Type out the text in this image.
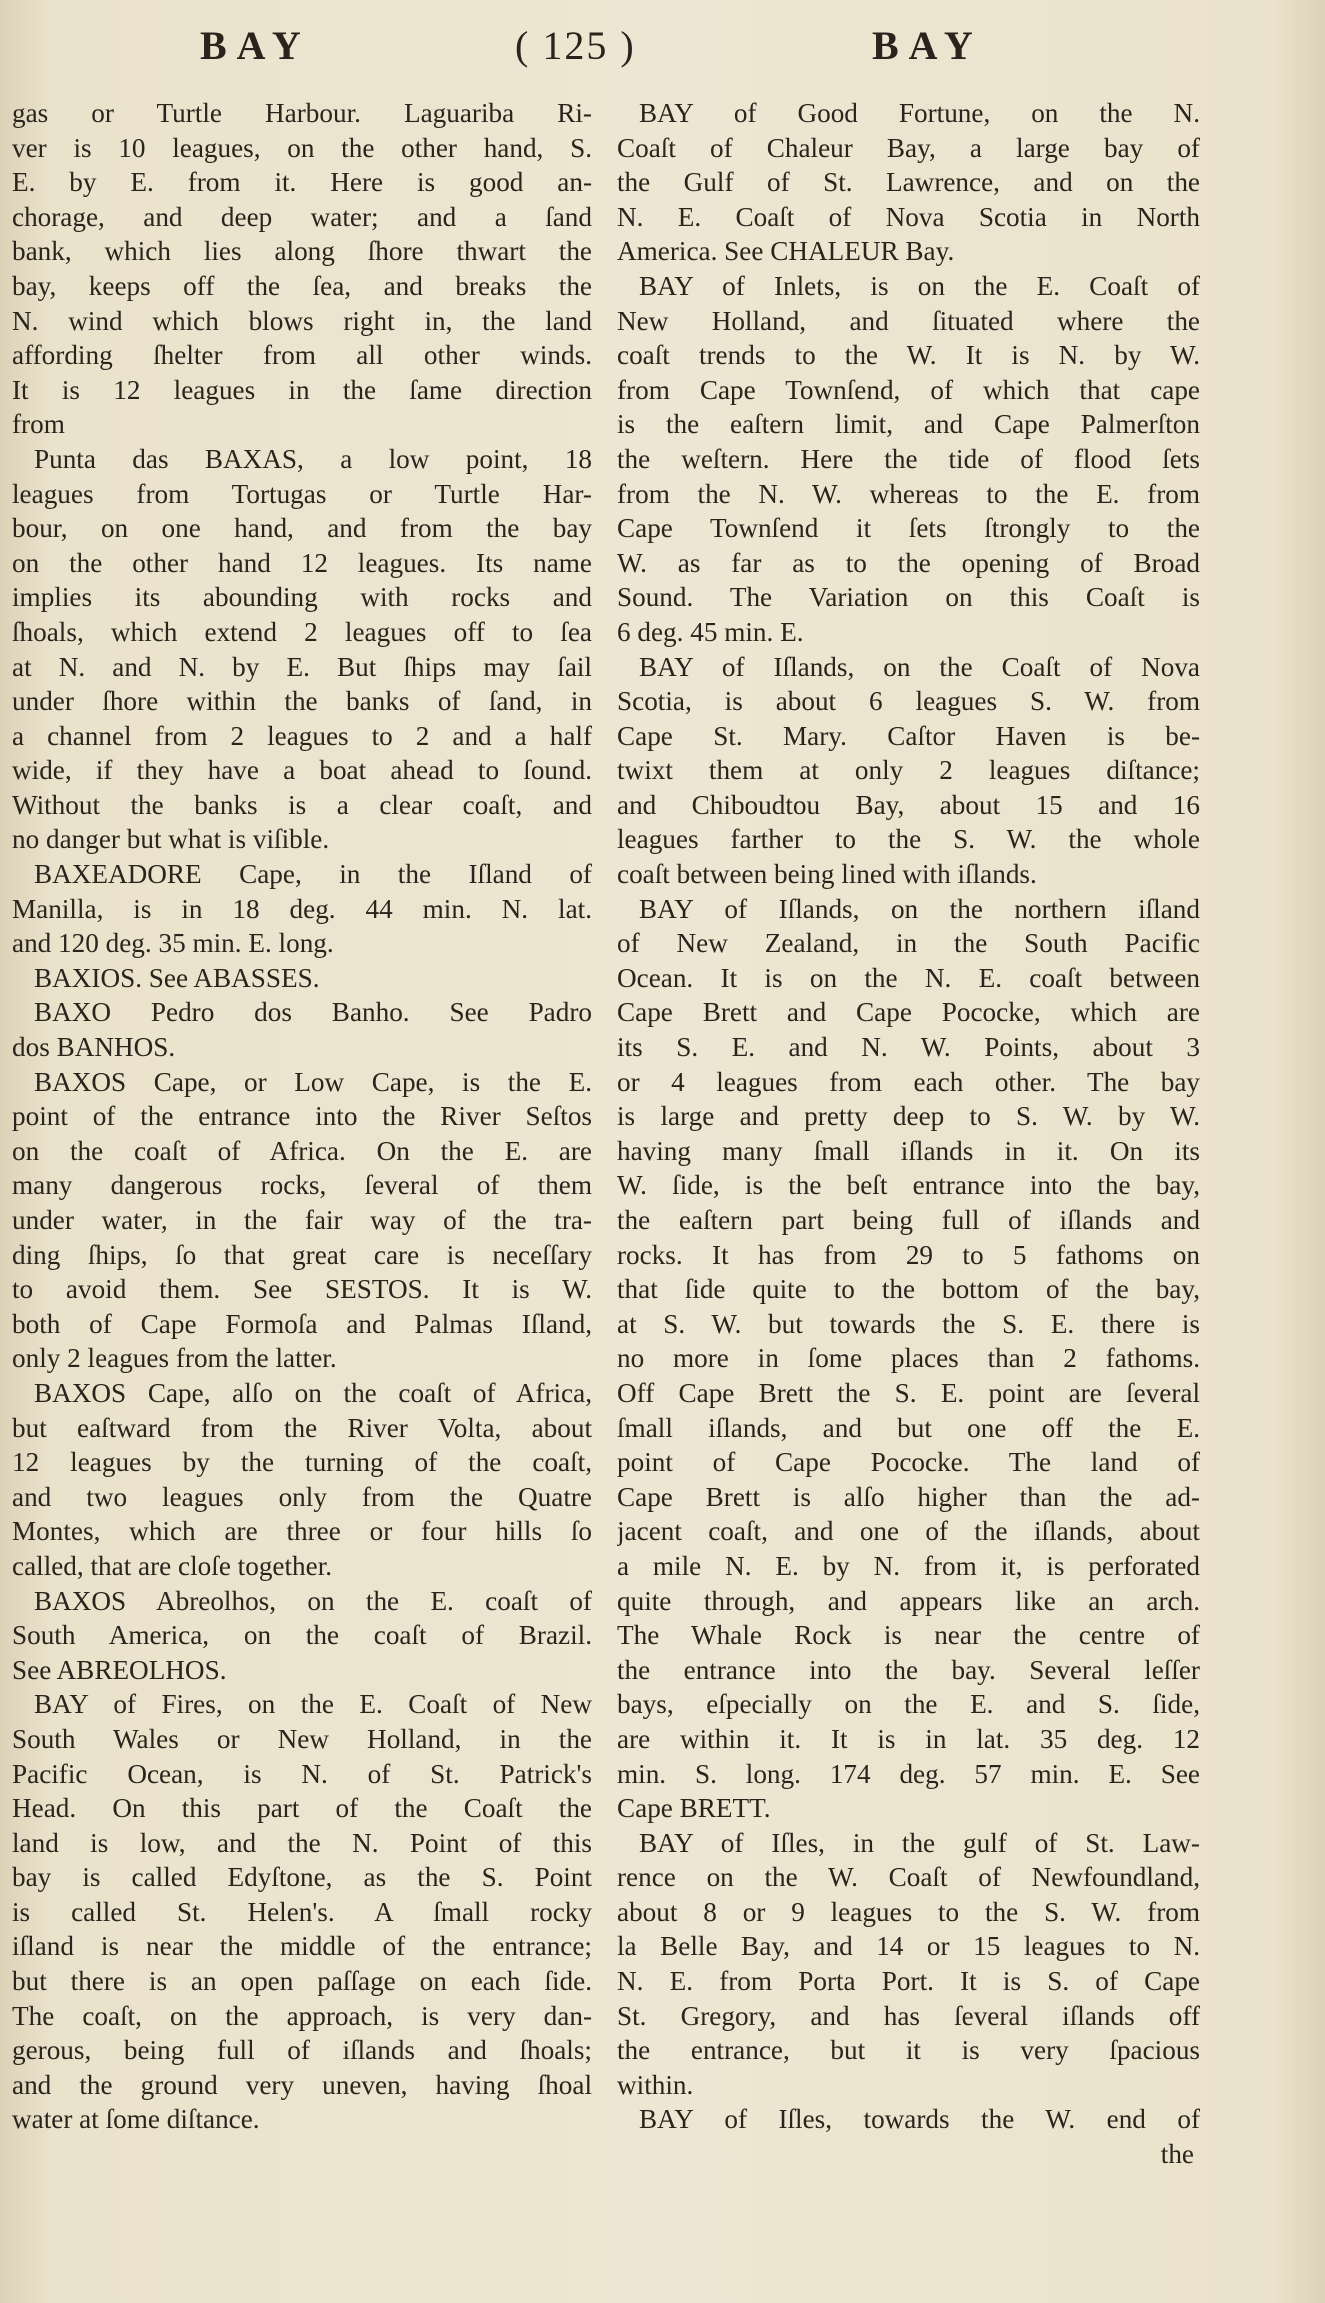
BAY	( 125 )	BAY
gas or Turtle Harbour. Laguariba Ri-
ver is 10 leagues, on the other hand, S.
E. by E. from it. Here is good an-
chorage, and deep water; and a ſand
bank, which lies along ſhore thwart the
bay, keeps off the ſea, and breaks the
N. wind which blows right in, the land
affording ſhelter from all other winds.
It is 12 leagues in the ſame direction
from
Punta das BAXAS, a low point, 18
leagues from Tortugas or Turtle Har-
bour, on one hand, and from the bay
on the other hand 12 leagues. Its name
implies its abounding with rocks and
ſhoals, which extend 2 leagues off to ſea
at N. and N. by E. But ſhips may ſail
under ſhore within the banks of ſand, in
a channel from 2 leagues to 2 and a half
wide, if they have a boat ahead to ſound.
Without the banks is a clear coaſt, and
no danger but what is viſible.
BAXEADORE Cape, in the Iſland of
Manilla, is in 18 deg. 44 min. N. lat.
and 120 deg. 35 min. E. long.
BAXIOS. See ABASSES.
BAXO Pedro dos Banho. See Padro
dos BANHOS.
BAXOS Cape, or Low Cape, is the E.
point of the entrance into the River Seſtos
on the coaſt of Africa. On the E. are
many dangerous rocks, ſeveral of them
under water, in the fair way of the tra-
ding ſhips, ſo that great care is neceſſary
to avoid them. See SESTOS. It is W.
both of Cape Formoſa and Palmas Iſland,
only 2 leagues from the latter.
BAXOS Cape, alſo on the coaſt of Africa,
but eaſtward from the River Volta, about
12 leagues by the turning of the coaſt,
and two leagues only from the Quatre
Montes, which are three or four hills ſo
called, that are cloſe together.
BAXOS Abreolhos, on the E. coaſt of
South America, on the coaſt of Brazil.
See ABREOLHOS.
BAY of Fires, on the E. Coaſt of New
South Wales or New Holland, in the
Pacific Ocean, is N. of St. Patrick's
Head. On this part of the Coaſt the
land is low, and the N. Point of this
bay is called Edyſtone, as the S. Point
is called St. Helen's. A ſmall rocky
iſland is near the middle of the entrance;
but there is an open paſſage on each ſide.
The coaſt, on the approach, is very dan-
gerous, being full of iſlands and ſhoals;
and the ground very uneven, having ſhoal
water at ſome diſtance.
BAY of Good Fortune, on the N.
Coaſt of Chaleur Bay, a large bay of
the Gulf of St. Lawrence, and on the
N. E. Coaſt of Nova Scotia in North
America. See CHALEUR Bay.
BAY of Inlets, is on the E. Coaſt of
New Holland, and ſituated where the
coaſt trends to the W. It is N. by W.
from Cape Townſend, of which that cape
is the eaſtern limit, and Cape Palmerſton
the weſtern. Here the tide of flood ſets
from the N. W. whereas to the E. from
Cape Townſend it ſets ſtrongly to the
W. as far as to the opening of Broad
Sound. The Variation on this Coaſt is
6 deg. 45 min. E.
BAY of Iſlands, on the Coaſt of Nova
Scotia, is about 6 leagues S. W. from
Cape St. Mary. Caſtor Haven is be-
twixt them at only 2 leagues diſtance;
and Chiboudtou Bay, about 15 and 16
leagues farther to the S. W. the whole
coaſt between being lined with iſlands.
BAY of Iſlands, on the northern iſland
of New Zealand, in the South Pacific
Ocean. It is on the N. E. coaſt between
Cape Brett and Cape Pococke, which are
its S. E. and N. W. Points, about 3
or 4 leagues from each other. The bay
is large and pretty deep to S. W. by W.
having many ſmall iſlands in it. On its
W. ſide, is the beſt entrance into the bay,
the eaſtern part being full of iſlands and
rocks. It has from 29 to 5 fathoms on
that ſide quite to the bottom of the bay,
at S. W. but towards the S. E. there is
no more in ſome places than 2 fathoms.
Off Cape Brett the S. E. point are ſeveral
ſmall iſlands, and but one off the E.
point of Cape Pococke. The land of
Cape Brett is alſo higher than the ad-
jacent coaſt, and one of the iſlands, about
a mile N. E. by N. from it, is perforated
quite through, and appears like an arch.
The Whale Rock is near the centre of
the entrance into the bay. Several leſſer
bays, eſpecially on the E. and S. ſide,
are within it. It is in lat. 35 deg. 12
min. S. long. 174 deg. 57 min. E. See
Cape BRETT.
BAY of Iſles, in the gulf of St. Law-
rence on the W. Coaſt of Newfoundland,
about 8 or 9 leagues to the S. W. from
la Belle Bay, and 14 or 15 leagues to N.
N. E. from Porta Port. It is S. of Cape
St. Gregory, and has ſeveral iſlands off
the entrance, but it is very ſpacious
within.
BAY of Iſles, towards the W. end of
the
